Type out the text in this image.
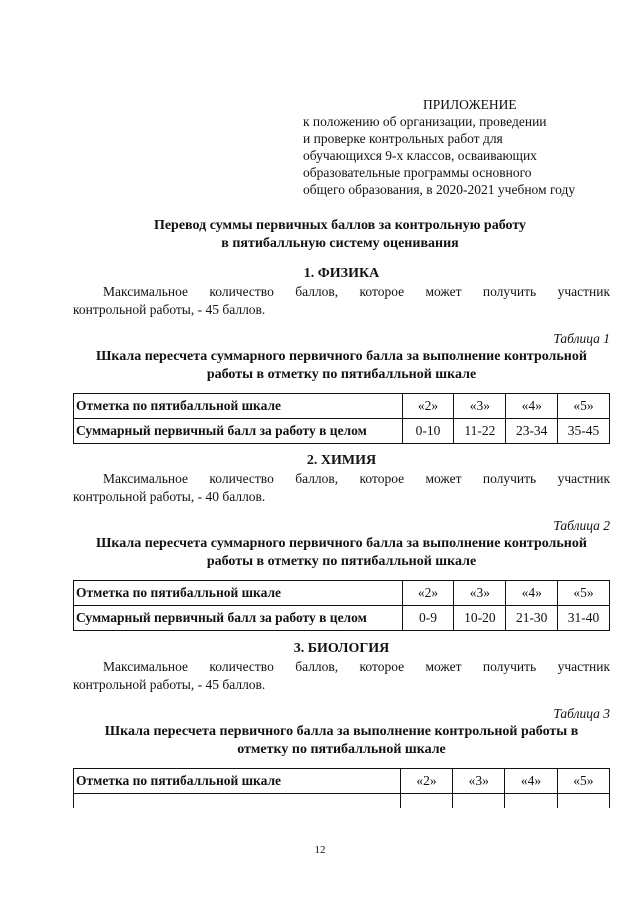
ПРИЛОЖЕНИЕ
к положению об организации, проведении
и проверке контрольных работ для
обучающихся 9-х классов, осваивающих
образовательные программы основного
общего образования, в 2020-2021 учебном году
Перевод суммы первичных баллов за контрольную работу
в пятибалльную систему оценивания
1. ФИЗИКА
Максимальное количество баллов, которое может получить участник
контрольной работы, - 45 баллов.
Таблица 1
Шкала пересчета суммарного первичного балла за выполнение контрольной
работы в отметку по пятибалльной шкале
Отметка по пятибалльной шкале	«2»	«3»	«4»	«5»
Суммарный первичный балл за работу в целом	0-10	11-22	23-34	35-45
2. ХИМИЯ
Максимальное количество баллов, которое может получить участник
контрольной работы, - 40 баллов.
Таблица 2
Шкала пересчета суммарного первичного балла за выполнение контрольной
работы в отметку по пятибалльной шкале
Отметка по пятибалльной шкале	«2»	«3»	«4»	«5»
Суммарный первичный балл за работу в целом	0-9	10-20	21-30	31-40
3. БИОЛОГИЯ
Максимальное количество баллов, которое может получить участник
контрольной работы, - 45 баллов.
Таблица 3
Шкала пересчета первичного балла за выполнение контрольной работы в
отметку по пятибалльной шкале
Отметка по пятибалльной шкале	«2»	«3»	«4»	«5»

12
